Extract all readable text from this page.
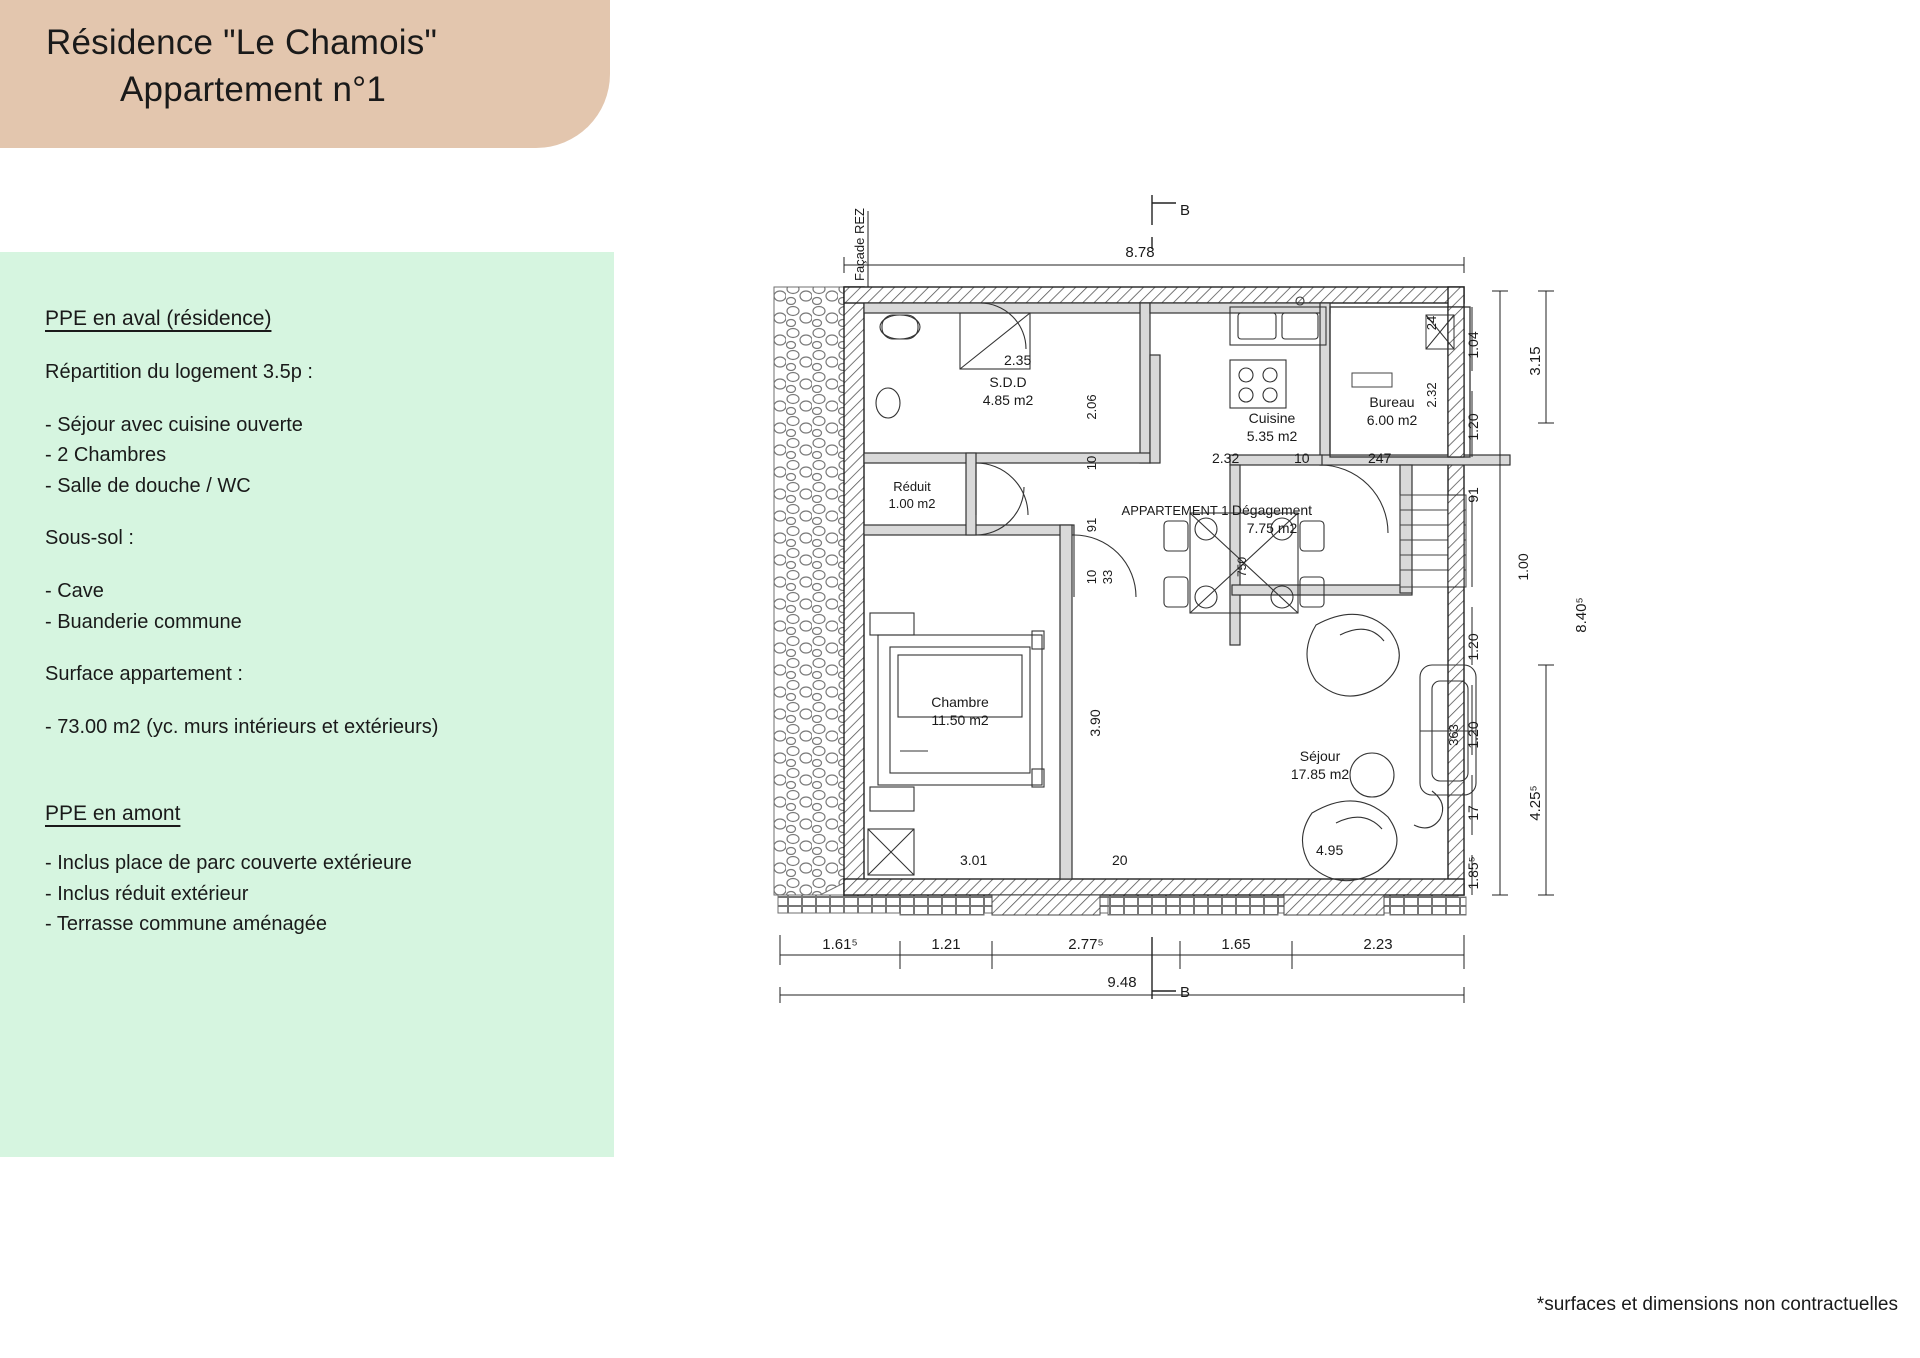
Résidence "Le Chamois"
Appartement n°1
PPE en aval (résidence)
Répartition du logement 3.5p :
- Séjour avec cuisine ouverte
- 2 Chambres
- Salle de douche / WC
Sous-sol :
- Cave
- Buanderie commune
Surface appartement :
- 73.00 m2 (yc. murs intérieurs et extérieurs)
PPE en amont
- Inclus place de parc couverte extérieure
- Inclus réduit extérieur
- Terrasse commune aménagée
*surfaces et dimensions non contractuelles
B
B
Façade REZ	8.78
1.61⁵	1.21	2.77⁵	1.65	2.23
9.48
1.04
1.20
91
1.00
1.20
1.20
17
1.85⁵
3.15
8.40⁵
4.25⁵
2.35
2.06
10
91
10 33
3.90
3.01	20
2.32	10	247
2.32
24
363
4.95
750
S.D.D
4.85 m2
Réduit
1.00 m2
Cuisine
5.35 m2
Bureau
6.00 m2
Dégagement
7.75 m2
Chambre
11.50 m2
Séjour
17.85 m2
APPARTEMENT 1
